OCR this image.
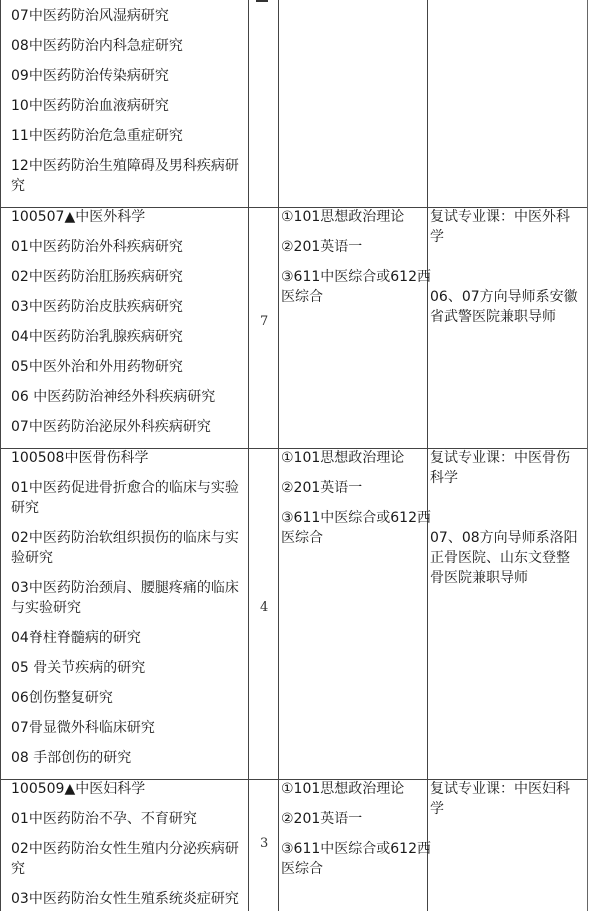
07中医药防治风湿病研究
08中医药防治内科急症研究
09中医药防治传染病研究
10中医药防治血液病研究
11中医药防治危急重症研究
12中医药防治生殖障碍及男科疾病研
究
100507▲中医外科学
01中医药防治外科疾病研究
02中医药防治肛肠疾病研究
03中医药防治皮肤疾病研究
04中医药防治乳腺疾病研究
05中医外治和外用药物研究
06 中医药防治神经外科疾病研究
07中医药防治泌尿外科疾病研究
7
①101思想政治理论
②201英语一
③611中医综合或612西
医综合
复试专业课：中医外科
学
06、07方向导师系安徽
省武警医院兼职导师
100508中医骨伤科学
01中医药促进骨折愈合的临床与实验
研究
02中医药防治软组织损伤的临床与实
验研究
03中医药防治颈肩、腰腿疼痛的临床
与实验研究
04脊柱脊髓病的研究
05 骨关节疾病的研究
06创伤整复研究
07骨显微外科临床研究
08 手部创伤的研究
4
①101思想政治理论
②201英语一
③611中医综合或612西
医综合
复试专业课：中医骨伤
科学
07、08方向导师系洛阳
正骨医院、山东文登整
骨医院兼职导师
100509▲中医妇科学
01中医药防治不孕、不育研究
02中医药防治女性生殖内分泌疾病研
究
03中医药防治女性生殖系统炎症研究
3
①101思想政治理论
②201英语一
③611中医综合或612西
医综合
复试专业课：中医妇科
学
